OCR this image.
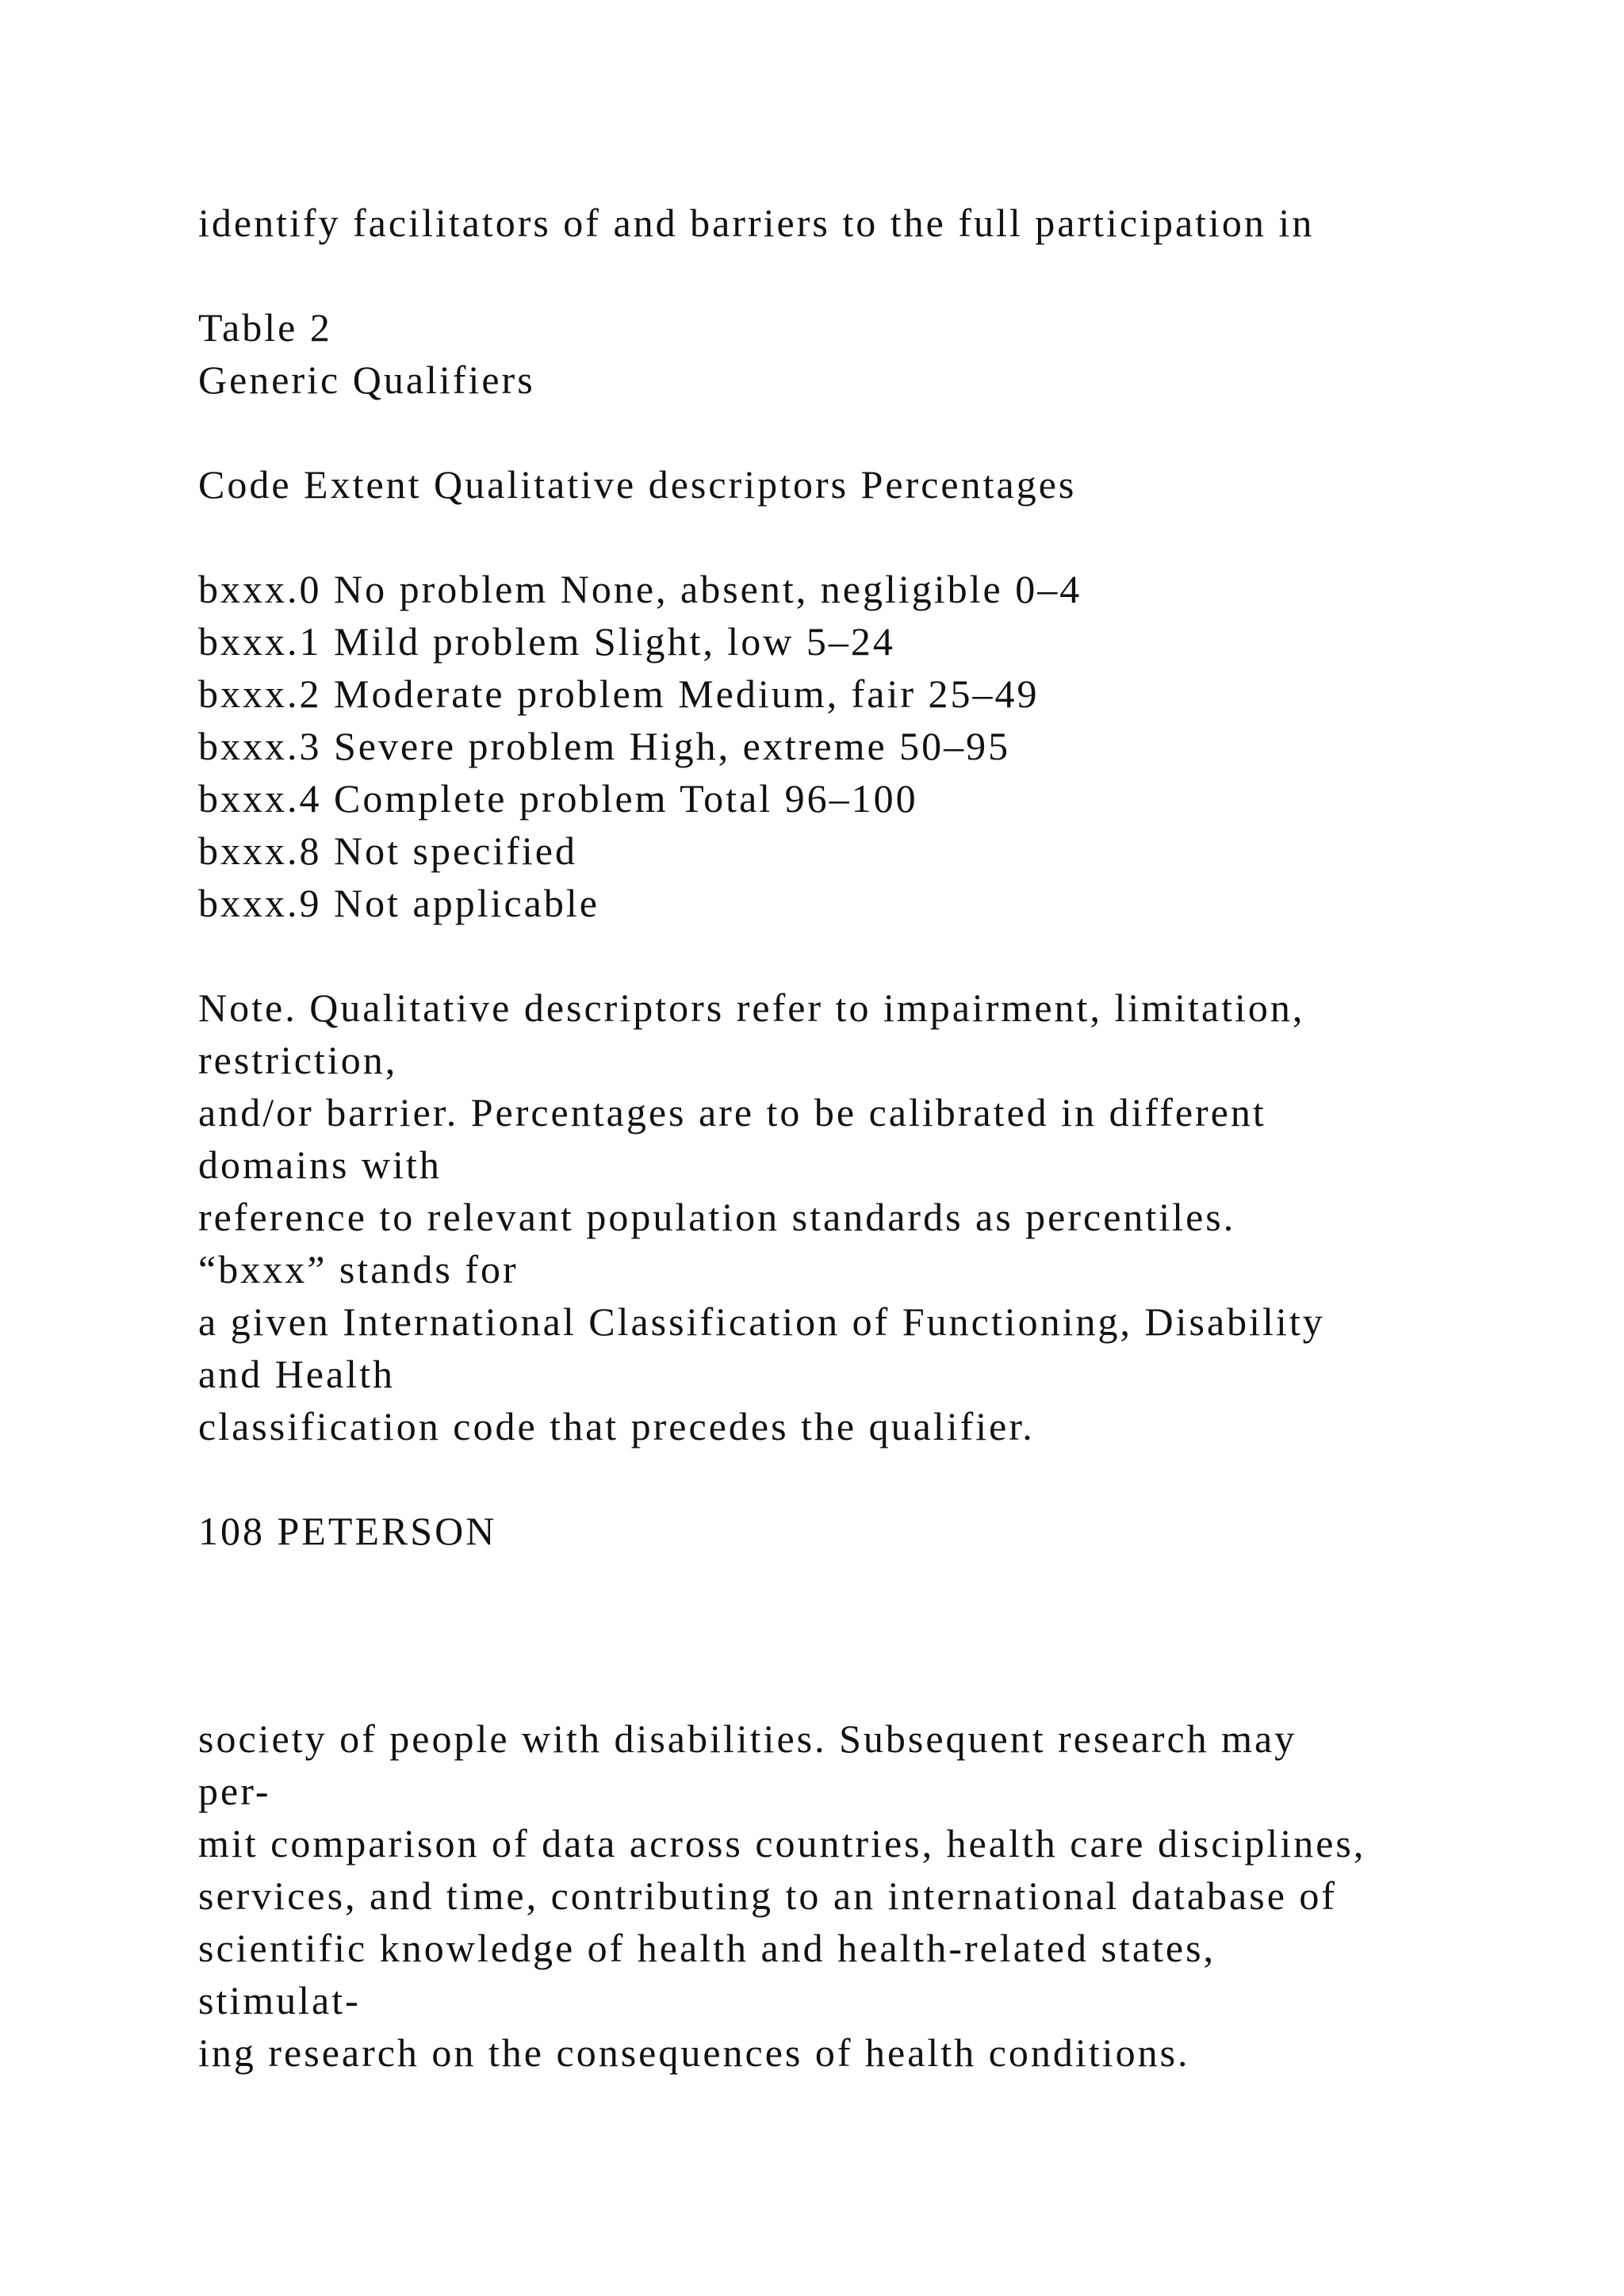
identify facilitators of and barriers to the full participation in

Table 2

Generic Qualifiers

Code Extent Qualitative descriptors Percentages

bxxx.0 No problem None, absent, negligible 0–4

bxxx.1 Mild problem Slight, low 5–24

bxxx.2 Moderate problem Medium, fair 25–49

bxxx.3 Severe problem High, extreme 50–95

bxxx.4 Complete problem Total 96–100

bxxx.8 Not specified

bxxx.9 Not applicable

Note. Qualitative descriptors refer to impairment, limitation,

restriction,

and/or barrier. Percentages are to be calibrated in different

domains with

reference to relevant population standards as percentiles.

“bxxx” stands for

a given International Classification of Functioning, Disability

and Health

classification code that precedes the qualifier.

108 PETERSON

society of people with disabilities. Subsequent research may

per-

mit comparison of data across countries, health care disciplines,

services, and time, contributing to an international database of

scientific knowledge of health and health-related states,

stimulat-

ing research on the consequences of health conditions.
